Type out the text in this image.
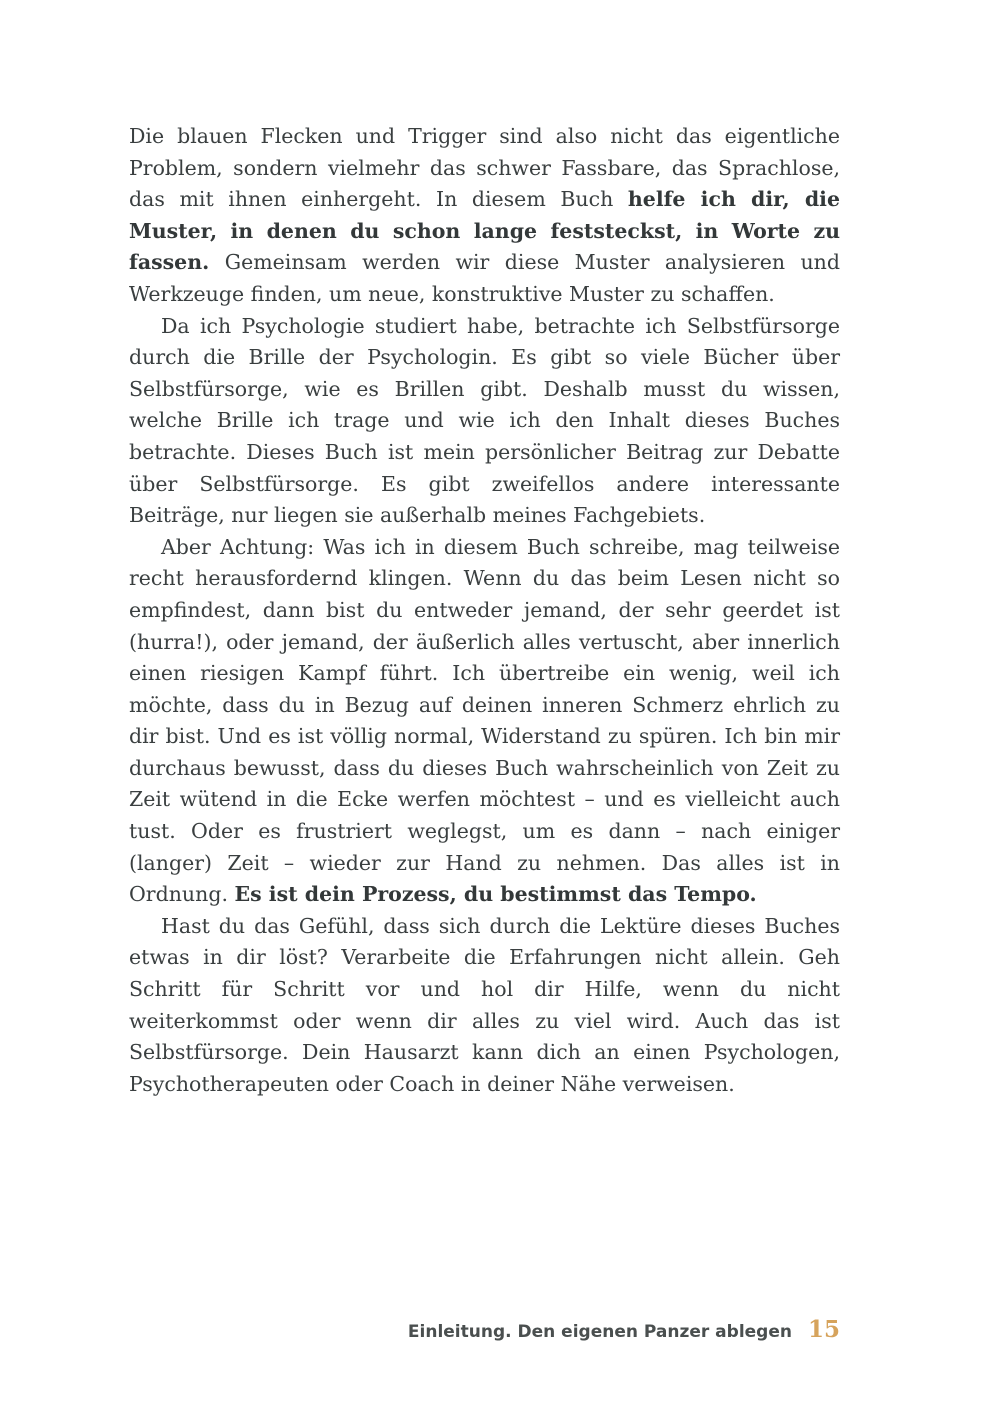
Die blauen Flecken und Trigger sind also nicht das eigentliche Problem, sondern vielmehr das schwer Fassbare, das Sprachlose, das mit ihnen einhergeht. In diesem Buch helfe ich dir, die Muster, in denen du schon lange feststeckst, in Worte zu fassen. Gemeinsam werden wir diese Muster analysieren und Werkzeuge finden, um neue, konstruktive Muster zu schaffen.

Da ich Psychologie studiert habe, betrachte ich Selbstfürsorge durch die Brille der Psychologin. Es gibt so viele Bücher über Selbstfürsorge, wie es Brillen gibt. Deshalb musst du wissen, welche Brille ich trage und wie ich den Inhalt dieses Buches betrachte. Dieses Buch ist mein persönlicher Beitrag zur Debatte über Selbstfürsorge. Es gibt zweifellos andere interessante Beiträge, nur liegen sie außerhalb meines Fachgebiets.

Aber Achtung: Was ich in diesem Buch schreibe, mag teilweise recht herausfordernd klingen. Wenn du das beim Lesen nicht so empfindest, dann bist du entweder jemand, der sehr geerdet ist (hurra!), oder jemand, der äußerlich alles vertuscht, aber innerlich einen riesigen Kampf führt. Ich übertreibe ein wenig, weil ich möchte, dass du in Bezug auf deinen inneren Schmerz ehrlich zu dir bist. Und es ist völlig normal, Widerstand zu spüren. Ich bin mir durchaus bewusst, dass du dieses Buch wahrscheinlich von Zeit zu Zeit wütend in die Ecke werfen möchtest – und es vielleicht auch tust. Oder es frustriert weglegst, um es dann – nach einiger (langer) Zeit – wieder zur Hand zu nehmen. Das alles ist in Ordnung. Es ist dein Prozess, du bestimmst das Tempo.

Hast du das Gefühl, dass sich durch die Lektüre dieses Buches etwas in dir löst? Verarbeite die Erfahrungen nicht allein. Geh Schritt für Schritt vor und hol dir Hilfe, wenn du nicht weiterkommst oder wenn dir alles zu viel wird. Auch das ist Selbstfürsorge. Dein Hausarzt kann dich an einen Psychologen, Psychotherapeuten oder Coach in deiner Nähe verweisen.

Einleitung. Den eigenen Panzer ablegen 15
